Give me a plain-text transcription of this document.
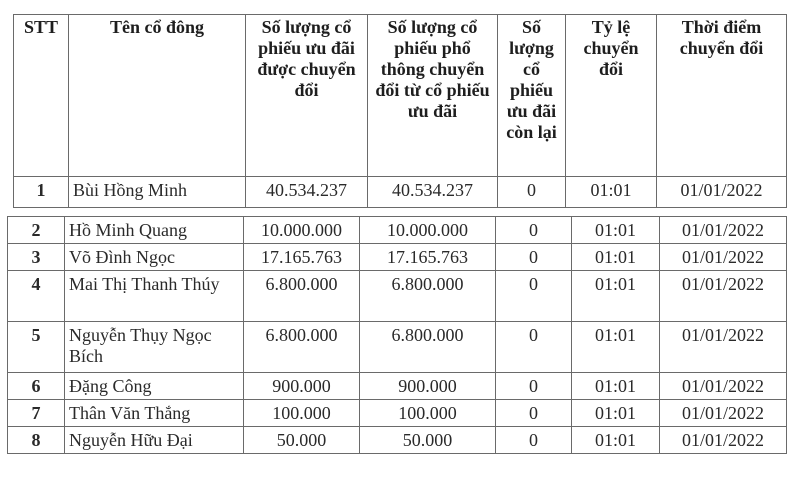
STT	Tên cổ đông	Số lượng cổ phiếu ưu đãi được chuyển đổi	Số lượng cổ phiếu phổ thông chuyển đổi từ cổ phiếu ưu đãi	Số lượng cổ phiếu ưu đãi còn lại	Tỷ lệ chuyển đổi	Thời điểm chuyển đổi
1	Bùi Hồng Minh	40.534.237	40.534.237	0	01:01	01/01/2022
2	Hồ Minh Quang	10.000.000	10.000.000	0	01:01	01/01/2022
3	Võ Đình Ngọc	17.165.763	17.165.763	0	01:01	01/01/2022
4	Mai Thị Thanh Thúy	6.800.000	6.800.000	0	01:01	01/01/2022
5	Nguyễn Thụy Ngọc Bích	6.800.000	6.800.000	0	01:01	01/01/2022
6	Đặng Công	900.000	900.000	0	01:01	01/01/2022
7	Thân Văn Thắng	100.000	100.000	0	01:01	01/01/2022
8	Nguyễn Hữu Đại	50.000	50.000	0	01:01	01/01/2022
